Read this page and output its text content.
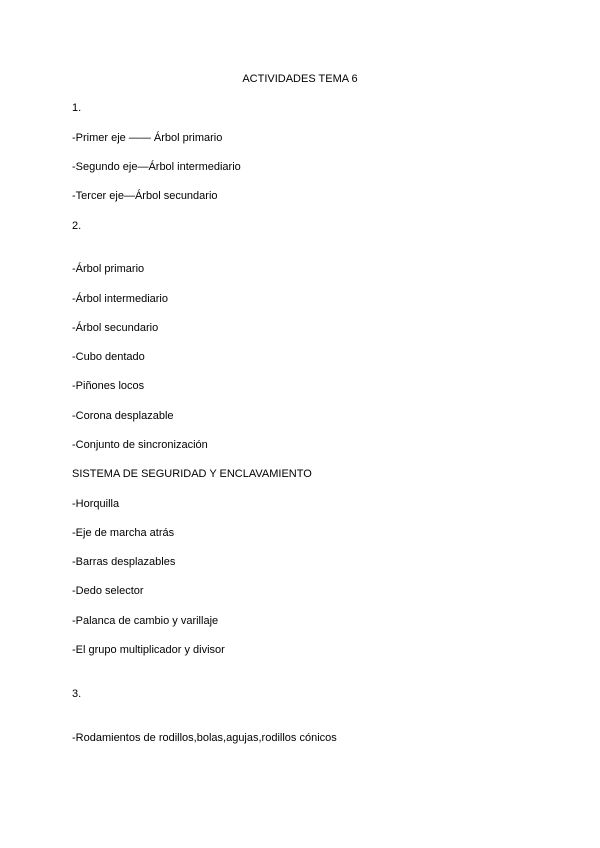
ACTIVIDADES TEMA 6
1.
-Primer eje —— Árbol primario
-Segundo eje—Árbol intermediario
-Tercer eje—Árbol secundario
2.
-Árbol primario
-Árbol intermediario
-Árbol secundario
-Cubo dentado
-Piñones locos
-Corona desplazable
-Conjunto de sincronización
SISTEMA DE SEGURIDAD Y ENCLAVAMIENTO
-Horquilla
-Eje de marcha atrás
-Barras desplazables
-Dedo selector
-Palanca de cambio y varillaje
-El grupo multiplicador y divisor
3.
-Rodamientos de rodillos,bolas,agujas,rodillos cónicos
